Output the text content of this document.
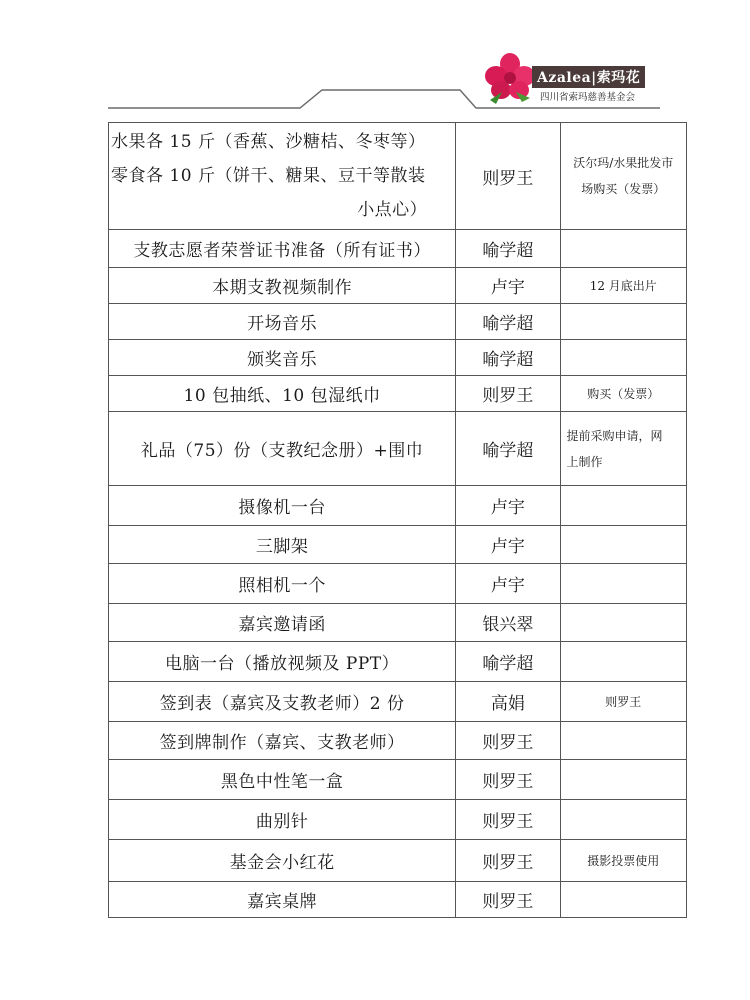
Azalea|索玛花
四川省索玛慈善基金会
水果各 15 斤（香蕉、沙糖桔、冬枣等）
零食各 10 斤（饼干、糖果、豆干等散装
小点心）	则罗王	沃尔玛/水果批发市
场购买（发票）

支教志愿者荣誉证书准备（所有证书）	喻学超	
本期支教视频制作	卢宇	12 月底出片
开场音乐	喻学超	
颁奖音乐	喻学超	
10 包抽纸、10 包湿纸巾	则罗王	购买（发票）
礼品（75）份（支教纪念册）+围巾	喻学超	提前采购申请，网
上制作

摄像机一台	卢宇	
三脚架	卢宇	
照相机一个	卢宇	
嘉宾邀请函	银兴翠	
电脑一台（播放视频及 PPT）	喻学超	
签到表（嘉宾及支教老师）2 份	高娟	则罗王
签到牌制作（嘉宾、支教老师）	则罗王	
黑色中性笔一盒	则罗王	
曲别针	则罗王	
基金会小红花	则罗王	摄影投票使用
嘉宾桌牌	则罗王	
